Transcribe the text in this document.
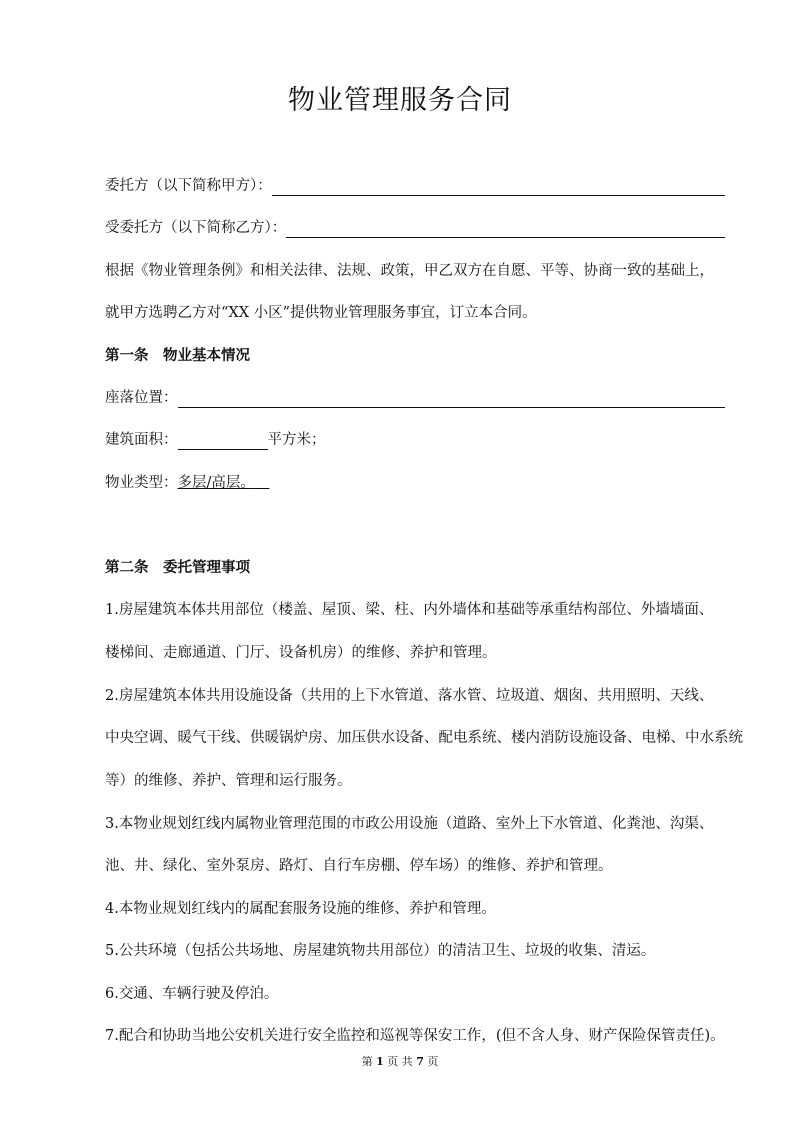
物业管理服务合同
委托方（以下简称甲方）：
受委托方（以下简称乙方）：
根据《物业管理条例》和相关法律、法规、政策，甲乙双方在自愿、平等、协商一致的基础上，
就甲方选聘乙方对“XX 小区”提供物业管理服务事宜，订立本合同。
第一条　物业基本情况
座落位置：
建筑面积：	平方米；
物业类型：多层/高层。 
第二条　委托管理事项
1.房屋建筑本体共用部位（楼盖、屋顶、梁、柱、内外墙体和基础等承重结构部位、外墙墙面、
楼梯间、走廊通道、门厅、设备机房）的维修、养护和管理。
2.房屋建筑本体共用设施设备（共用的上下水管道、落水管、垃圾道、烟囱、共用照明、天线、
中央空调、暖气干线、供暖锅炉房、加压供水设备、配电系统、楼内消防设施设备、电梯、中水系统
等）的维修、养护、管理和运行服务。
3.本物业规划红线内属物业管理范围的市政公用设施（道路、室外上下水管道、化粪池、沟渠、
池、井、绿化、室外泵房、路灯、自行车房棚、停车场）的维修、养护和管理。
4.本物业规划红线内的属配套服务设施的维修、养护和管理。
5.公共环境（包括公共场地、房屋建筑物共用部位）的清洁卫生、垃圾的收集、清运。
6.交通、车辆行驶及停泊。
7.配合和协助当地公安机关进行安全监控和巡视等保安工作，(但不含人身、财产保险保管责任)。
第 1 页 共 7 页
